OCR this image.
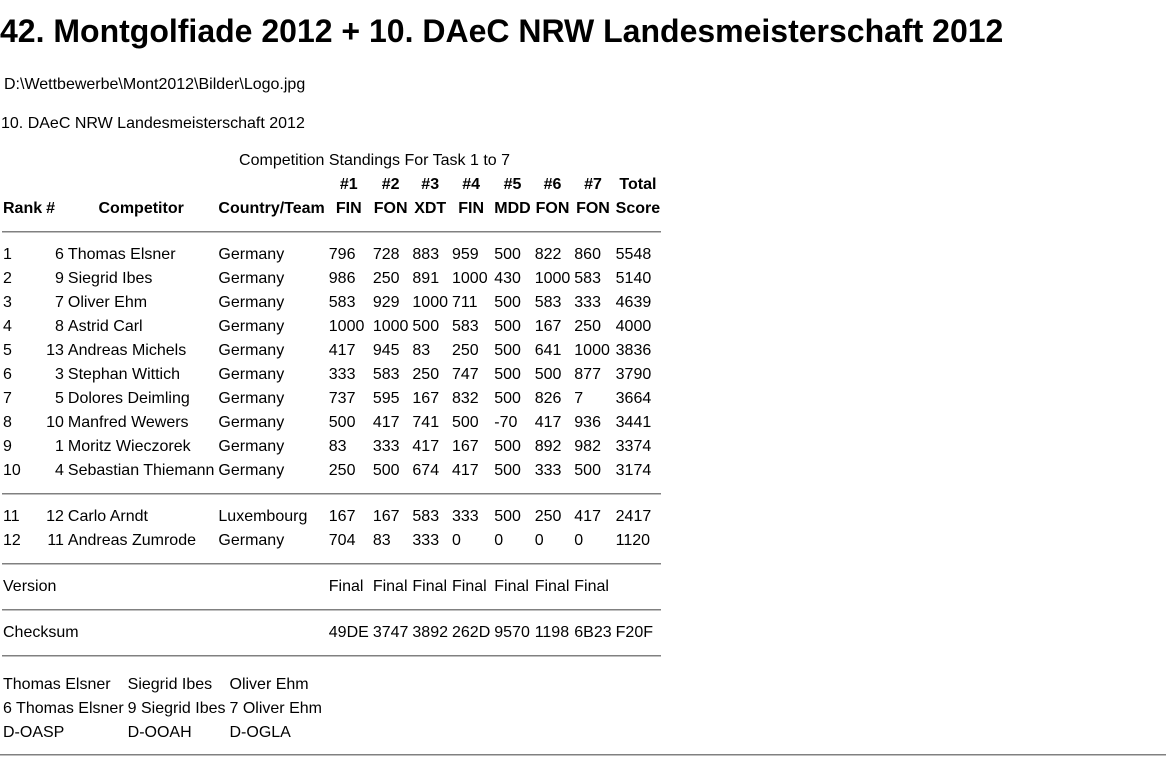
42. Montgolfiade 2012 + 10. DAeC NRW Landesmeisterschaft 2012
D:\Wettbewerbe\Mont2012\Bilder\Logo.jpg
10. DAeC NRW Landesmeisterschaft 2012
			Competition Standings For Task 1 to 7								
				#1	#2	#3	#4	#5	#6	#7	Total
Rank	#	Competitor	Country/Team	FIN	FON	XDT	FIN	MDD	FON	FON	Score

1	6	Thomas Elsner	Germany	796	728	883	959	500	822	860	5548
2	9	Siegrid Ibes	Germany	986	250	891	1000	430	1000	583	5140
3	7	Oliver Ehm	Germany	583	929	1000	711	500	583	333	4639
4	8	Astrid Carl	Germany	1000	1000	500	583	500	167	250	4000
5	13	Andreas Michels	Germany	417	945	83	250	500	641	1000	3836
6	3	Stephan Wittich	Germany	333	583	250	747	500	500	877	3790
7	5	Dolores Deimling	Germany	737	595	167	832	500	826	7	3664
8	10	Manfred Wewers	Germany	500	417	741	500	-70	417	936	3441
9	1	Moritz Wieczorek	Germany	83	333	417	167	500	892	982	3374
10	4	Sebastian Thiemann	Germany	250	500	674	417	500	333	500	3174

11	12	Carlo Arndt	Luxembourg	167	167	583	333	500	250	417	2417
12	11	Andreas Zumrode	Germany	704	83	333	0	0	0	0	1120

Version				Final	Final	Final	Final	Final	Final	Final	

Checksum				49DE	3747	3892	262D	9570	1198	6B23	F20F

Thomas Elsner	Siegrid Ibes	Oliver Ehm
6 Thomas Elsner	9 Siegrid Ibes	7 Oliver Ehm
D-OASP	D-OOAH	D-OGLA
